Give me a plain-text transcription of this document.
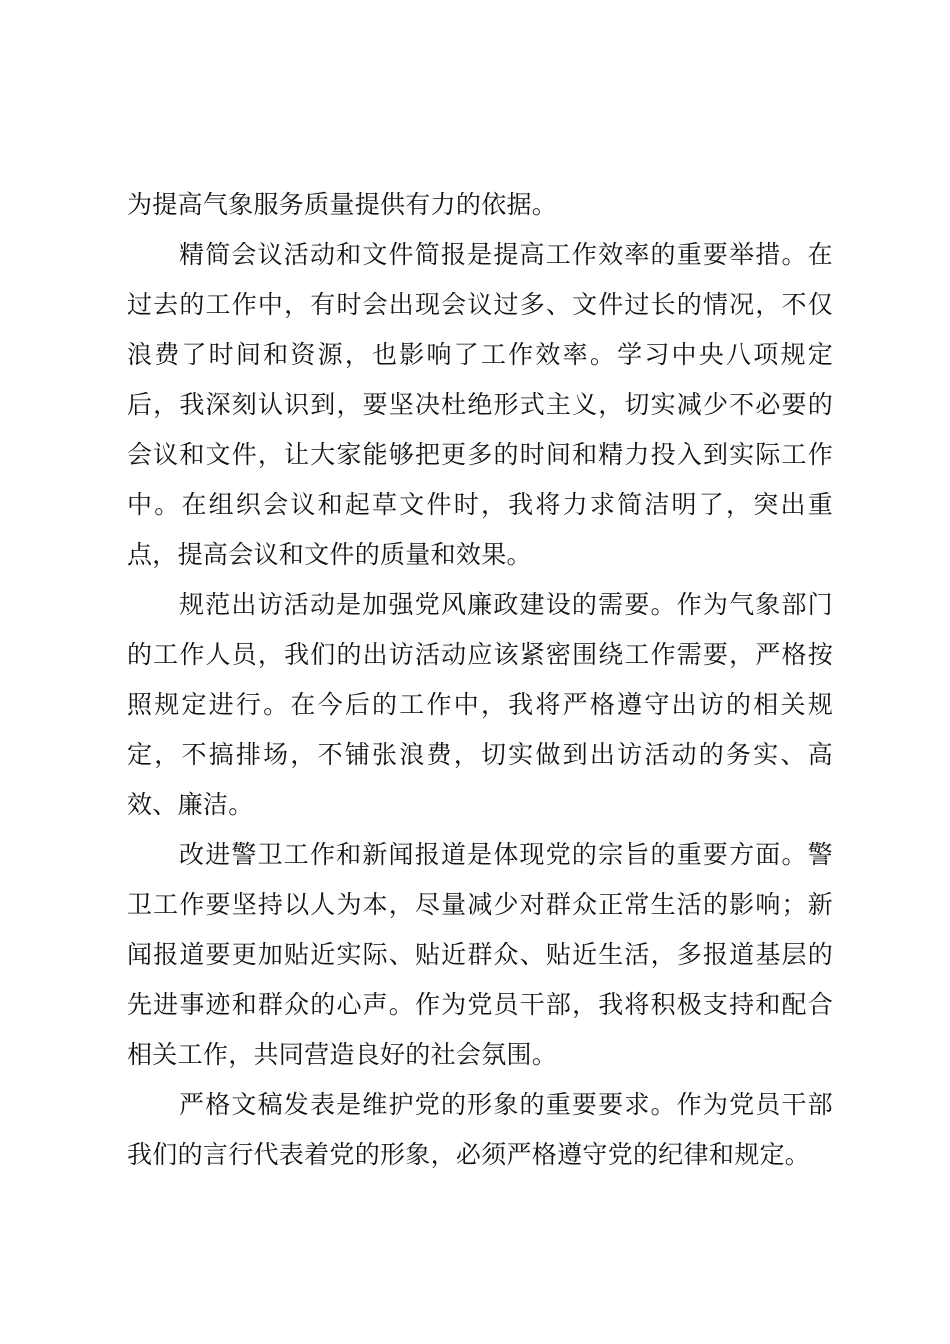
为提高气象服务质量提供有力的依据。

精简会议活动和文件简报是提高工作效率的重要举措。在过去的工作中，有时会出现会议过多、文件过长的情况，不仅浪费了时间和资源，也影响了工作效率。学习中央八项规定后，我深刻认识到，要坚决杜绝形式主义，切实减少不必要的会议和文件，让大家能够把更多的时间和精力投入到实际工作中。在组织会议和起草文件时，我将力求简洁明了，突出重点，提高会议和文件的质量和效果。

规范出访活动是加强党风廉政建设的需要。作为气象部门的工作人员，我们的出访活动应该紧密围绕工作需要，严格按照规定进行。在今后的工作中，我将严格遵守出访的相关规定，不搞排场，不铺张浪费，切实做到出访活动的务实、高效、廉洁。

改进警卫工作和新闻报道是体现党的宗旨的重要方面。警卫工作要坚持以人为本，尽量减少对群众正常生活的影响；新闻报道要更加贴近实际、贴近群众、贴近生活，多报道基层的先进事迹和群众的心声。作为党员干部，我将积极支持和配合相关工作，共同营造良好的社会氛围。

严格文稿发表是维护党的形象的重要要求。作为党员干部我们的言行代表着党的形象，必须严格遵守党的纪律和规定。
